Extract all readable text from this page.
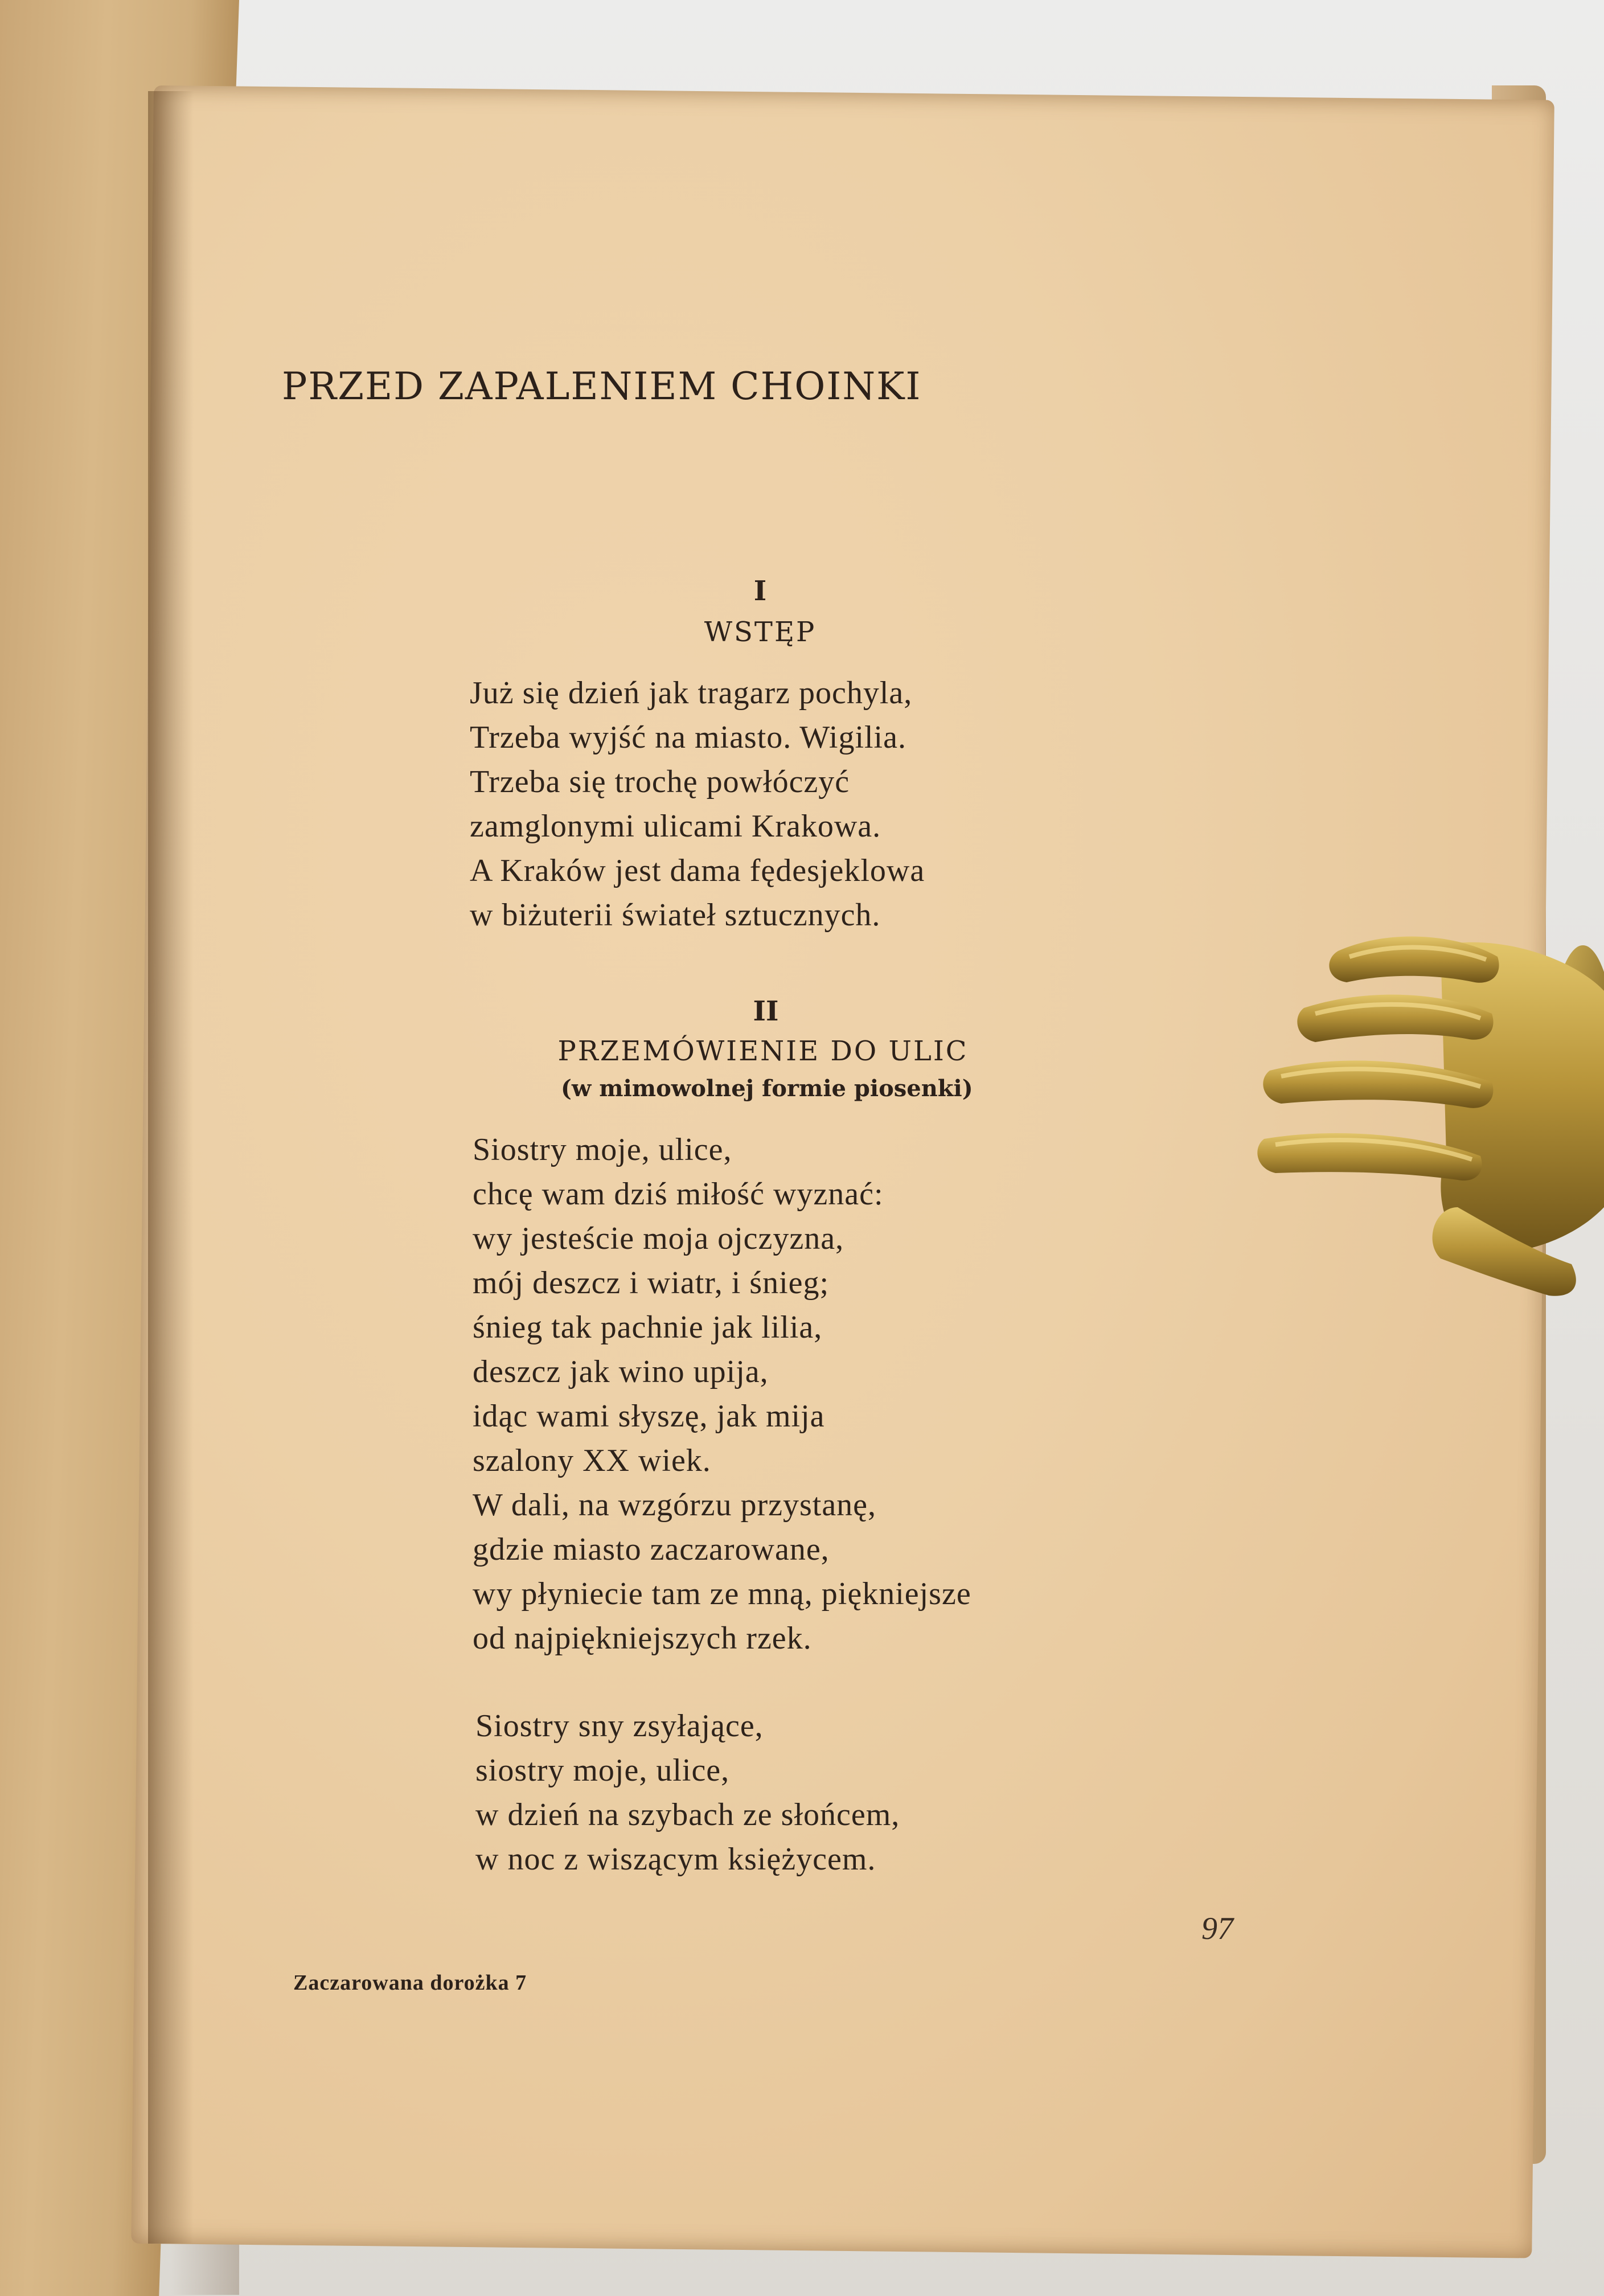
PRZED ZAPALENIEM CHOINKI
I
WSTĘP
Już się dzień jak tragarz pochyla,
Trzeba wyjść na miasto. Wigilia.
Trzeba się trochę powłóczyć
zamglonymi ulicami Krakowa.
A Kraków jest dama fędesjeklowa
w biżuterii świateł sztucznych.
II
PRZEMÓWIENIE DO ULIC
(w mimowolnej formie piosenki)
Siostry moje, ulice,
chcę wam dziś miłość wyznać:
wy jesteście moja ojczyzna,
mój deszcz i wiatr, i śnieg;
śnieg tak pachnie jak lilia,
deszcz jak wino upija,
idąc wami słyszę, jak mija
szalony XX wiek.
W dali, na wzgórzu przystanę,
gdzie miasto zaczarowane,
wy płyniecie tam ze mną, piękniejsze
od najpiękniejszych rzek.
Siostry sny zsyłające,
siostry moje, ulice,
w dzień na szybach ze słońcem,
w noc z wiszącym księżycem.
97
Zaczarowana dorożka 7
